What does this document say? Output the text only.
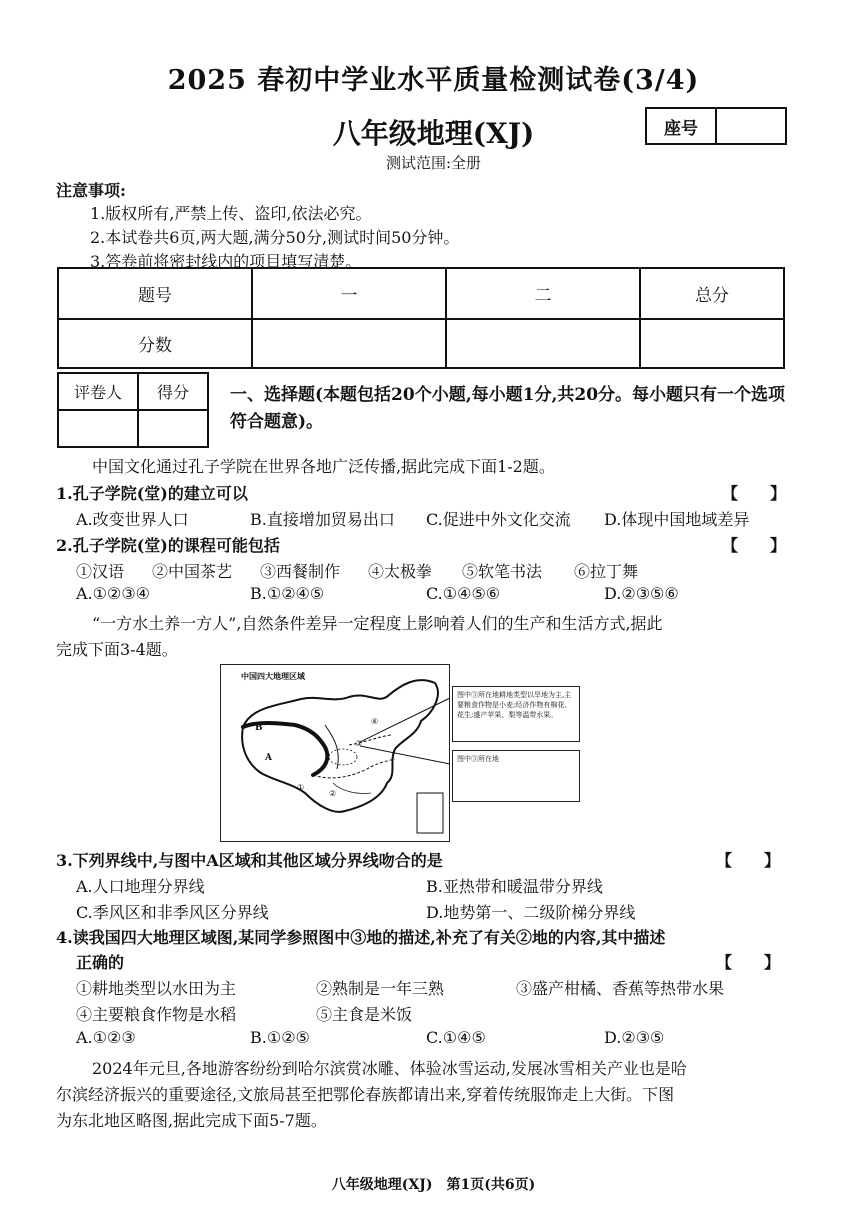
2025 春初中学业水平质量检测试卷(3/4)
八年级地理(XJ)	座号
测试范围:全册
注意事项:
1.版权所有,严禁上传、盗印,依法必究。
2.本试卷共6页,两大题,满分50分,测试时间50分钟。
3.答卷前将密封线内的项目填写清楚。
题号	一	二	总分
分数			
评卷人	得分
	一、选择题(本题包括20个小题,每小题1分,共20分。每小题只有一个选项符合题意)。
中国文化通过孔子学院在世界各地广泛传播,据此完成下面1-2题。
1.孔子学院(堂)的建立可以	【　　】
A.改变世界人口	B.直接增加贸易出口 C.促进中外文化交流 D.体现中国地域差异
2.孔子学院(堂)的课程可能包括	【　　】
①汉语 ②中国茶艺 ③西餐制作 ④太极拳 ⑤软笔书法 ⑥拉丁舞
A.①②③④	B.①②④⑤	C.①④⑤⑥	D.②③⑤⑥
“一方水土养一方人”,自然条件差异一定程度上影响着人们的生产和生活方式,据此
完成下面3-4题。
中国四大地理区域
B
A
③
②
①
④
图中③所在地耕地类型以旱地为主,主要粮食作物是小麦;经济作物有棉花、花生;盛产苹果、梨等温带水果。
图中③所在地
3.下列界线中,与图中A区域和其他区域分界线吻合的是	【　　】
A.人口地理分界线	B.亚热带和暖温带分界线
C.季风区和非季风区分界线	D.地势第一、二级阶梯分界线
4.读我国四大地理区域图,某同学参照图中③地的描述,补充了有关②地的内容,其中描述
正确的	【　　】
①耕地类型以水田为主	②熟制是一年三熟	③盛产柑橘、香蕉等热带水果
④主要粮食作物是水稻	⑤主食是米饭
A.①②③	B.①②⑤	C.①④⑤	D.②③⑤
2024年元旦,各地游客纷纷到哈尔滨赏冰雕、体验冰雪运动,发展冰雪相关产业也是哈
尔滨经济振兴的重要途径,文旅局甚至把鄂伦春族都请出来,穿着传统服饰走上大街。下图
为东北地区略图,据此完成下面5-7题。
八年级地理(XJ)　第1页(共6页)
